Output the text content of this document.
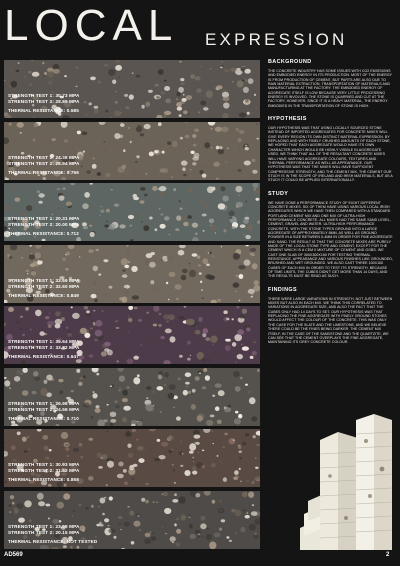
LOCAL EXPRESSION
STRENGTH TEST 1: 30.73 MPA
STRENGTH TEST 2: 28.89 MPA
THERMAL RESISTANCE: 0.585
STRENGTH TEST 1: 24.38 MPA
STRENGTH TEST 2: 28.94 MPA
THERMAL RESISTANCE: 0.756
STRENGTH TEST 1: 20.31 MPA
STRENGTH TEST 2: 20.00 MPA
THERMAL RESISTANCE: 0.712
STRENGTH TEST 1: 33.69 MPA
STRENGTH TEST 2: 32.60 MPA
THERMAL RESISTANCE: 0.849
STRENGTH TEST 1: 35.64 MPA
STRENGTH TEST 2: 33.82 MPA
THERMAL RESISTANCE: 0.647
STRENGTH TEST 1: 26.98 MPA
STRENGTH TEST 2: 24.59 MPA
THERMAL RESISTANCE: 0.710
STRENGTH TEST 1: 30.93 MPA
STRENGTH TEST 2: 31.52 MPA
THERMAL RESISTANCE: 0.858
STRENGTH TEST 1: 23.09 MPA
STRENGTH TEST 2: 20.15 MPA
THERMAL RESISTANCE: NOT TESTED
BACKGROUND

THE CONCRETE INDUSTRY HAS SOME ISSUES WITH CO2 EMISSIONS AND EMBODIED ENERGY IN ITS PRODUCTION. MOST OF THE ENERGY IS FROM PRODUCTION OF CEMENT, BUT PARTS ARE ALSO DUE TO RAW MATERIAL EXTRACTION, TRANSPORTATION OF MATERIALS AND MANUFACTURING AT THE FACTORY. THE EMBODIED ENERGY OF AGGREGATE ITSELF IS LOW BECAUSE VERY LITTLE PROCESSING ENERGY IS INVOLVED. THE STONE IS QUARRIED AND CUT AT THE FACTORY, HOWEVER, SINCE IT IS A HEAVY MATERIAL, THE ENERGY EMBODIED IN THE TRANSPORTATION OF STONE IS HIGH.

HYPOTHESIS

OUR HYPOTHESIS WAS THAT USING LOCALLY SOURCED STONE INSTEAD OF IMPORTED AGGREGATES FOR CONCRETE MIXES WILL GIVE EVERY REGION ITS OWN DISTINCT MATERIAL EXPRESSION. BY REPLACING AND WITH FINELY CRUSHED AMOUNTS OF EACH STONE, WE HOPED THAT EACH AGGREGATE WOULD HAVE ITS OWN CHARACTER WHICH WOULD BE HIGHLY VISIBLE IN AGGREGATE USED. WE THINK THAT ALL OF THE RESULTANT CONCRETE MIXES WILL HAVE VARYING AGGREGATE COLOURS, TEXTURES AND THERMAL PERFORMANCE AS WELL AS APPEARANCE. OUR HYPOTHESIS WAS THAT THE MIXES WILL HAVE SUFFICIENT COMPRESSIVE STRENGTH, AND THE CEMENT MIX, THE CEMENT OUR STUDY IS IN THE SCOPE OF IRELAND AND IRISH MATERIALS, BUT AS A STUDY IT COULD BE APPLIED INTERNATIONALLY.

STUDY

WE HAVE DONE A PERFORMANCE STUDY OF EIGHT DIFFERENT CONCRETE MIXES. SIX OF THEM HAVE USING VARIOUS LOCAL IRISH AGGREGATES WHICH WE HAVE THEN COMPARED WITH A STANDARD PORTLAND CEMENT MIX AND ONE MIX OF ULTRA-HIGH PERFORMANCE CONCRETE. ALL MIXES HAD THE SAME SAND LEVEL, CEMENT, GRAVEL AND WATER. ULTRA-HIGH PERFORMANCE CONCRETE, WITH THE STONE TYPES GROUND INTO A LARGE AGGREGATE OF APPROXIMATELY 8MM, AS WELL AS GROUND POWDER IN A SIZE BETWEEN 0-4MM IN ORDER FOR FINE AGGREGATE AND SAND. THE RESULT IS THAT THE CONCRETE MIXES ARE PURELY MADE OF THE LOCAL STONE TYPE AND CEMENT, EXCEPT FOR THE CEMENT WHICH IS A CEM II MIXTURE OF CEMENT AND GGBS. WE CAST ONE SLAB OF 300X300X150 FOR TESTING THERMAL RESISTANCE, APPEARANCE AND VARIOUS FINISHES LIKE GROUNDED, BRUSHED AND WET GROUNDED. WE ALSO CAST THREE 100X100 CUBES OF EACH MIX IN ORDER TO TEST ITS STRENGTH. BECAUSE OF TIME LIMITS, THE CUBES DIDN'T GET MORE THAN 14 DAYS, AND THE RESULTS MUST BE READ AS SUCH.

FINDINGS

THERE WERE LARGE VARIATIONS IN STRENGTH, NOT JUST BETWEEN MIXES BUT ALSO IN EACH MIX. WE THINK THIS CORRELATED TO VARIATIONS IN AGGREGATE SIZE, AND ALSO THE FACT THAT THE CUBES ONLY HAD 14 DAYS TO SET. OUR HYPOTHESIS WAS THAT REPLACING THE FINE AGGREGATE WITH FINELY GROUND STONES WOULD AFFECT THE COLOUR OF THE CONCRETE. THIS WAS ONLY THE CASE FOR THE SLATE AND THE LIMESTONE, AND WE BELIEVE THERE COULD BE THE FINES BEING DARKER. THE CEMENT MIX ITSELF, IN THE CASE OF THE SANDSTONE AND THE QUARTZITE, WE CAN SEE THAT THE CEMENT OVERPLAYS THE FINE AGGREGATE, MAINTAINING ITS GREY CONCRETE COLOUR.

AD569	2
